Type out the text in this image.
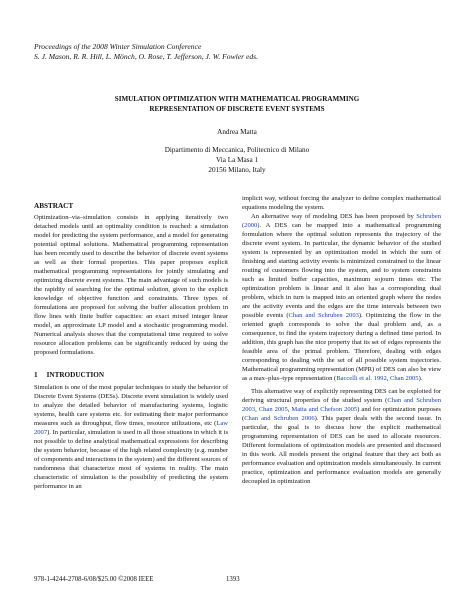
Proceedings of the 2008 Winter Simulation Conference
S. J. Mason, R. R. Hill, L. Mönch, O. Rose, T. Jefferson, J. W. Fowler eds.
SIMULATION OPTIMIZATION WITH MATHEMATICAL PROGRAMMING
REPRESENTATION OF DISCRETE EVENT SYSTEMS
Andrea Matta
Dipartimento di Meccanica, Politecnico di Milano
Via La Masa 1
20156 Milano, Italy
ABSTRACT

Optimization–via–simulation consists in applying iteratively two detached models until an optimality condition is reached: a simulation model for predicting the system performance, and a model for generating potential optimal solutions. Mathematical programming representation has been recently used to describe the behavior of discrete event systems as well as their formal properties. This paper proposes explicit mathematical programming representations for jointly simulating and optimizing discrete event systems. The main advantage of such models is the rapidity of searching for the optimal solution, given to the explicit knowledge of objective function and constraints. Three types of formulations are proposed for solving the buffer allocation problem in flow lines with finite buffer capacities: an exact mixed integer linear model, an approximate LP model and a stochastic programming model. Numerical analysis shows that the computational time required to solve resource allocation problems can be significantly reduced by using the proposed formulations.

1     INTRODUCTION

Simulation is one of the most popular techniques to study the behavior of Discrete Event Systems (DESs). Discrete event simulation is widely used to analyze the detailed behavior of manufacturing systems, logistic systems, health care systems etc. for estimating their major performance measures such as throughput, flow times, resource utilizations, etc (Law 2007). In particular, simulation is used in all those situations in which it is not possible to define analytical mathematical expressions for describing the system behavior, because of the high related complexity (e.g. number of components and interactions in the system) and the different sources of randomness that characterize most of systems in reality. The main characteristic of simulation is the possibility of predicting the system performance in an

implicit way, without forcing the analyzer to define complex mathematical equations modeling the system.

An alternative way of modeling DES has been proposed by Schruben (2000). A DES can be mapped into a mathematical programming formulation where the optimal solution represents the trajectory of the discrete event system. In particular, the dynamic behavior of the studied system is represented by an optimization model in which the sum of finishing and starting activity events is minimized constrained to the linear routing of customers flowing into the system, and to system constraints such as limited buffer capacities, maximum sojourn times etc. The optimization problem is linear and it also has a corresponding dual problem, which in turn is mapped into an oriented graph where the nodes are the activity events and the edges are the time intervals between two possible events (Chan and Schruben 2003). Optimizing the flow in the oriented graph corresponds to solve the dual problem and, as a consequence, to find the system trajectory during a defined time period. In addition, this graph has the nice property that its set of edges represents the feasible area of the primal problem. Therefore, dealing with edges corresponding to dealing with the set of all possible system trajectories. Mathematical programming representation (MPR) of DES can also be view as a max–plus–type representation (Baccelli et al. 1992, Chan 2005).

This alternative way of explicitly representing DES can be exploited for deriving structural properties of the studied system (Chan and Schruben 2003, Chan 2005, Matta and Chefson 2005) and for optimization purposes (Chan and Schruben 2006). This paper deals with the second issue. In particular, the goal is to discuss how the explicit mathematical programming representation of DES can be used to allocate resources. Different formulations of optimization models are presented and discussed in this work. All models present the original feature that they act both as performance evaluation and optimization models simultaneously. In current practice, optimization and performance evaluation models are generally decoupled in optimization

978-1-4244-2708-6/08/$25.00 ©2008 IEEE	1393
